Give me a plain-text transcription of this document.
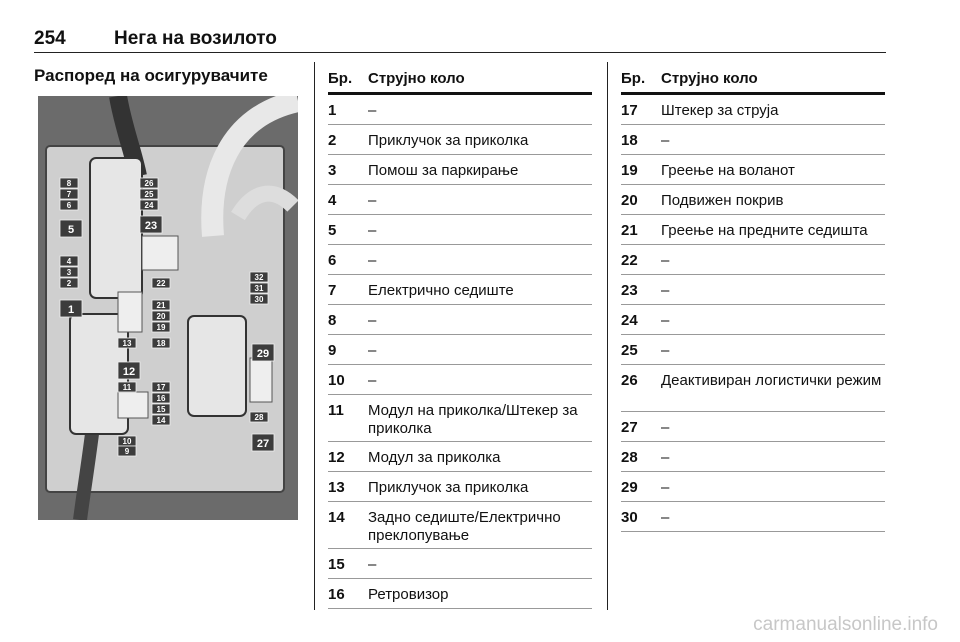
254	Нега на возилото
Распоред на осигурувачите
8
7
6
5
4
3
2
1
26
25
24
23
22
21
20
19
18
13
12
11	17
16
15
14
10
9
32
31
30
29
28
27
Бр. Струјно коло
1 –
2 Приклучок за приколка
3 Помош за паркирање
4 –
5 –
6 –
7 Електрично седиште
8 –
9 –
10 –
11 Модул на приколка/Штекер за приколка
12 Модул за приколка
13 Приклучок за приколка
14 Задно седиште/Електрично преклопување
15 –
16 Ретровизор
Бр. Струјно коло
17 Штекер за струја
18 –
19 Греење на воланот
20 Подвижен покрив
21 Греење на предните седишта
22 –
23 –
24 –
25 –
26 Деактивиран логистички режим
27 –
28 –
29 –
30 –
carmanualsonline.info
